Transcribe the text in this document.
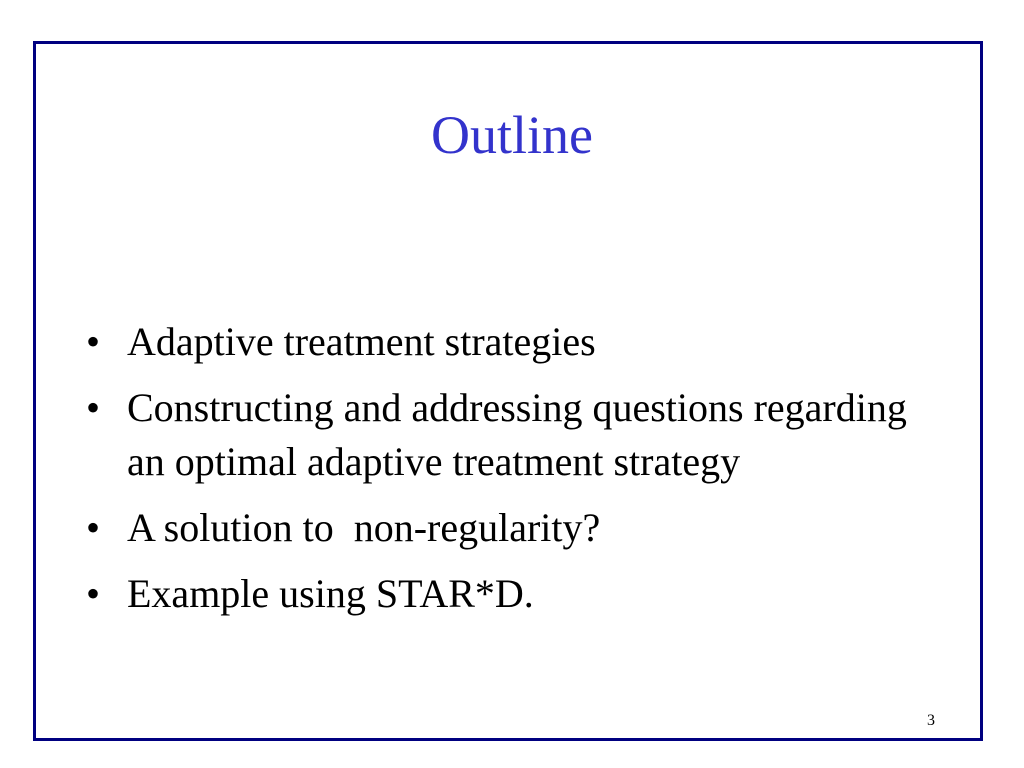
Outline
• Adaptive treatment strategies
• Constructing and addressing questions regarding an optimal adaptive treatment strategy
• A solution to  non-regularity?
• Example using STAR*D.
3
